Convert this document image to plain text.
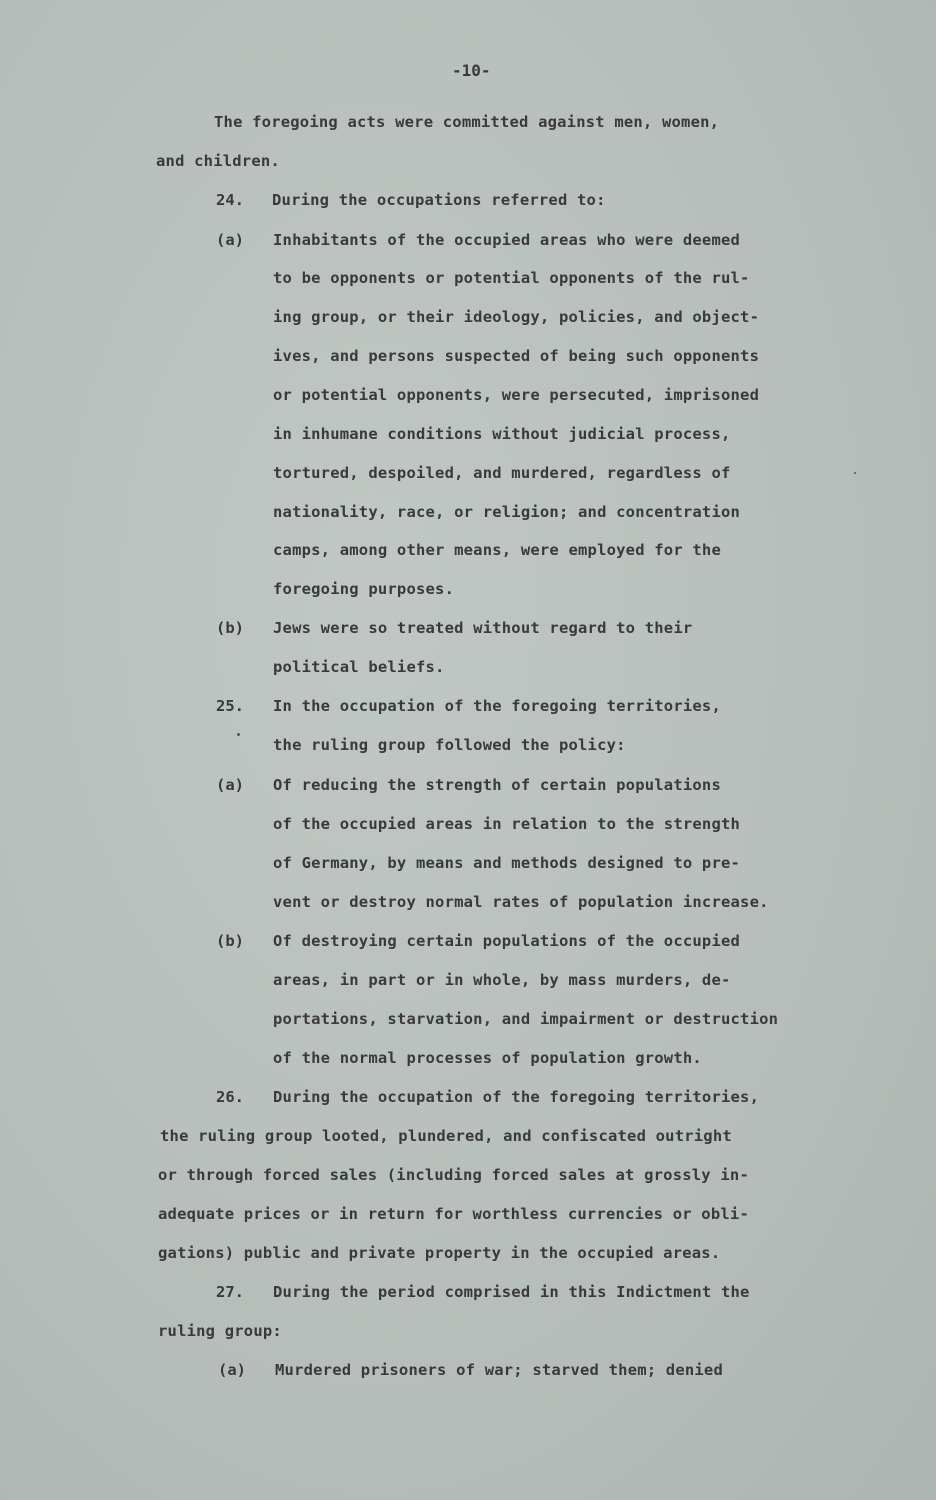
-10-
The foregoing acts were committed against men, women,
and children.
24. During the occupations referred to:
(a) Inhabitants of the occupied areas who were deemed
to be opponents or potential opponents of the rul-
ing group, or their ideology, policies, and object-
ives, and persons suspected of being such opponents
or potential opponents, were persecuted, imprisoned
in inhumane conditions without judicial process,
tortured, despoiled, and murdered, regardless of
nationality, race, or religion; and concentration
camps, among other means, were employed for the
foregoing purposes.
(b) Jews were so treated without regard to their
political beliefs.
25. In the occupation of the foregoing territories,
the ruling group followed the policy:
(a) Of reducing the strength of certain populations
of the occupied areas in relation to the strength
of Germany, by means and methods designed to pre-
vent or destroy normal rates of population increase.
(b) Of destroying certain populations of the occupied
areas, in part or in whole, by mass murders, de-
portations, starvation, and impairment or destruction
of the normal processes of population growth.
26. During the occupation of the foregoing territories,
the ruling group looted, plundered, and confiscated outright
or through forced sales (including forced sales at grossly in-
adequate prices or in return for worthless currencies or obli-
gations) public and private property in the occupied areas.
27. During the period comprised in this Indictment the
ruling group:
(a) Murdered prisoners of war; starved them; denied
